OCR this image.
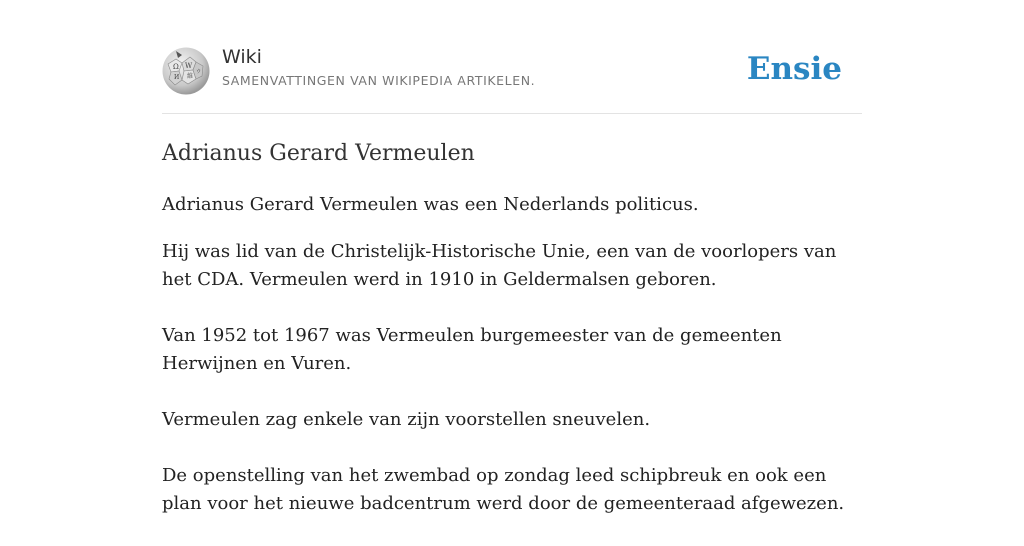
Ω W
И 維
ウ
Wiki
SAMENVATTINGEN VAN WIKIPEDIA ARTIKELEN.	Ensie
Adrianus Gerard Vermeulen

Adrianus Gerard Vermeulen was een Nederlands politicus.

Hij was lid van de Christelijk-Historische Unie, een van de voorlopers van het CDA. Vermeulen werd in 1910 in Geldermalsen geboren.

Van 1952 tot 1967 was Vermeulen burgemeester van de gemeenten Herwijnen en Vuren.

Vermeulen zag enkele van zijn voorstellen sneuvelen.

De openstelling van het zwembad op zondag leed schipbreuk en ook een plan voor het nieuwe badcentrum werd door de gemeenteraad afgewezen.
